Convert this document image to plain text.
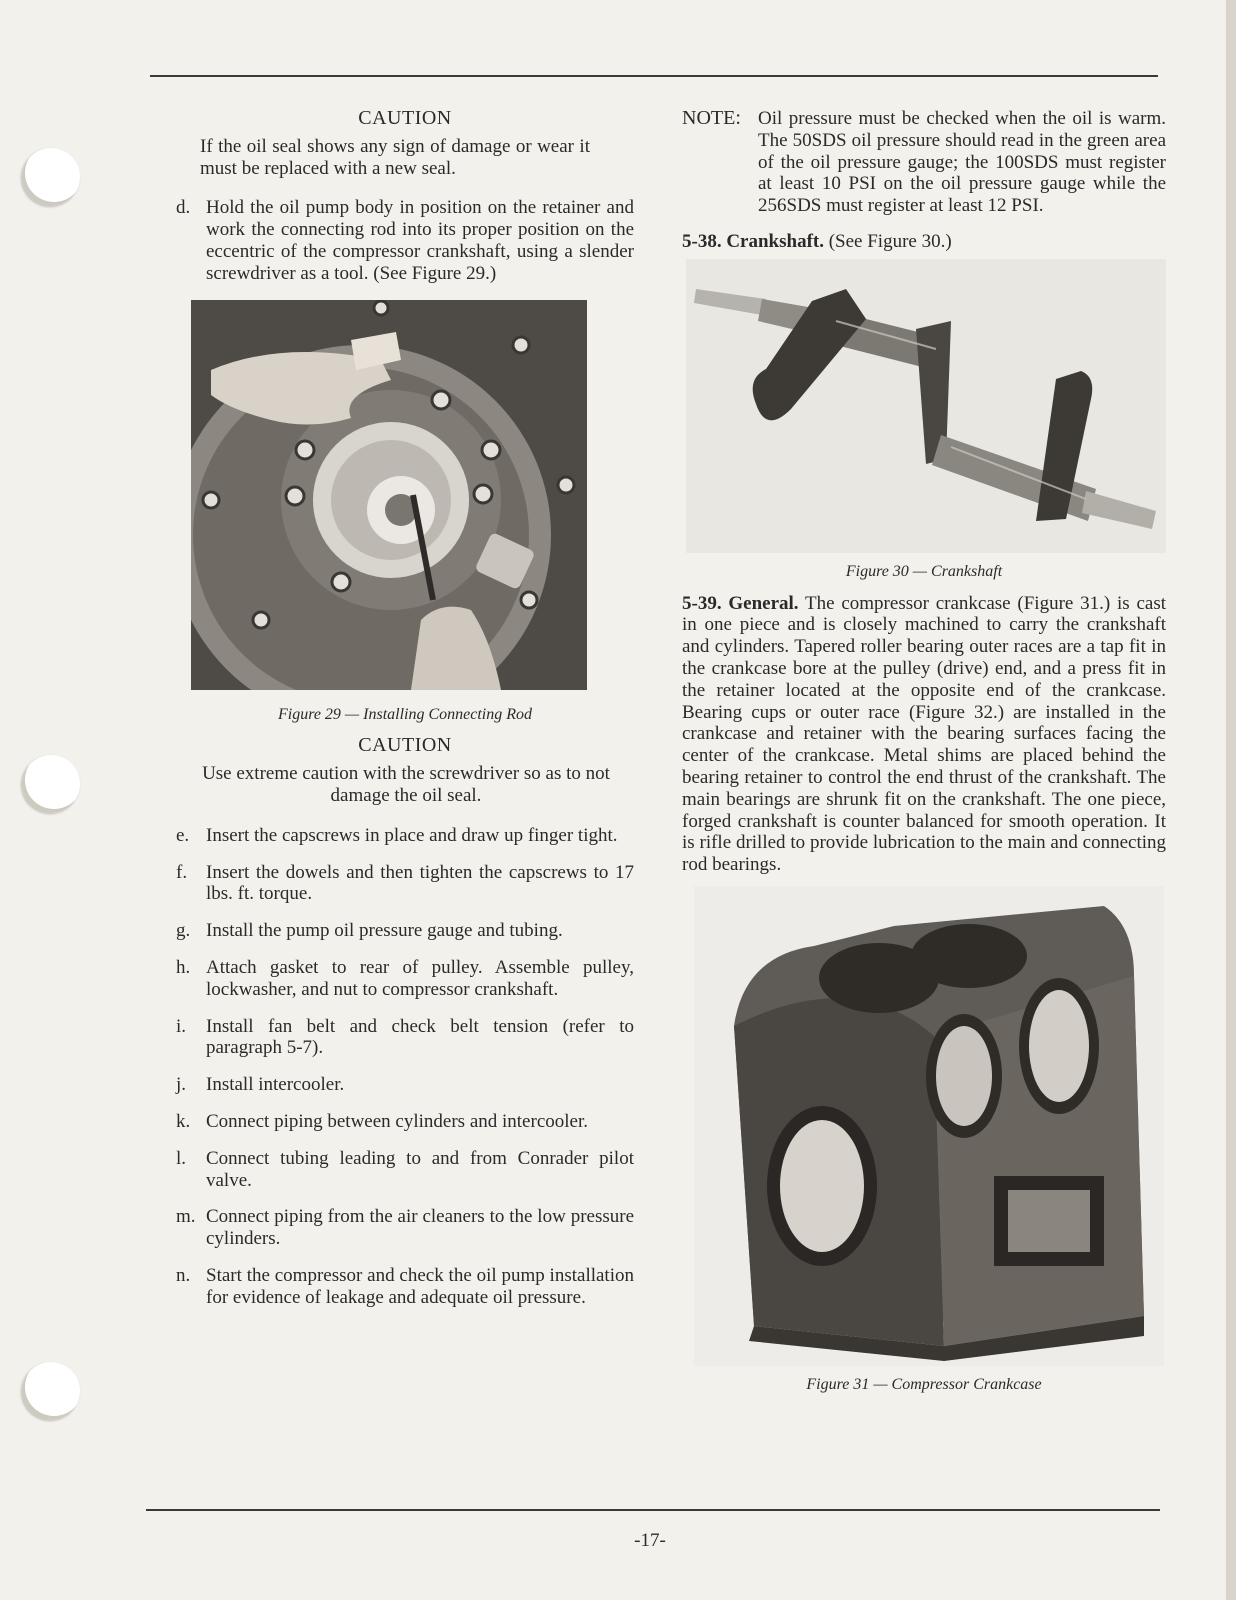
CAUTION
If the oil seal shows any sign of damage or wear it must be replaced with a new seal.
d. Hold the oil pump body in position on the retainer and work the connecting rod into its proper position on the eccentric of the compressor crankshaft, using a slender screwdriver as a tool. (See Figure 29.)
Figure 29 — Installing Connecting Rod
CAUTION
Use extreme caution with the screwdriver so as to not damage the oil seal.
e. Insert the capscrews in place and draw up finger tight.
f. Insert the dowels and then tighten the capscrews to 17 lbs. ft. torque.
g. Install the pump oil pressure gauge and tubing.
h. Attach gasket to rear of pulley. Assemble pulley, lockwasher, and nut to compressor crankshaft.
i.	Install fan belt and check belt tension (refer to paragraph 5-7).
j.	Install intercooler.
k. Connect piping between cylinders and intercooler.
l.	Connect tubing leading to and from Conrader pilot valve.
m. Connect piping from the air cleaners to the low pressure cylinders.
n. Start the compressor and check the oil pump installation for evidence of leakage and adequate oil pressure.
NOTE: Oil pressure must be checked when the oil is warm. The 50SDS oil pressure should read in the green area of the oil pressure gauge; the 100SDS must register at least 10 PSI on the oil pressure gauge while the 256SDS must register at least 12 PSI.
5-38. Crankshaft. (See Figure 30.)
Figure 30 — Crankshaft
5-39. General. The compressor crankcase (Figure 31.) is cast in one piece and is closely machined to carry the crankshaft and cylinders. Tapered roller bearing outer races are a tap fit in the crankcase bore at the pulley (drive) end, and a press fit in the retainer located at the opposite end of the crankcase. Bearing cups or outer race (Figure 32.) are installed in the crankcase and retainer with the bearing surfaces facing the center of the crankcase. Metal shims are placed behind the bearing retainer to control the end thrust of the crankshaft. The main bearings are shrunk fit on the crankshaft. The one piece, forged crankshaft is counter balanced for smooth operation. It is rifle drilled to provide lubrication to the main and connecting rod bearings.
Figure 31 — Compressor Crankcase
-17-
